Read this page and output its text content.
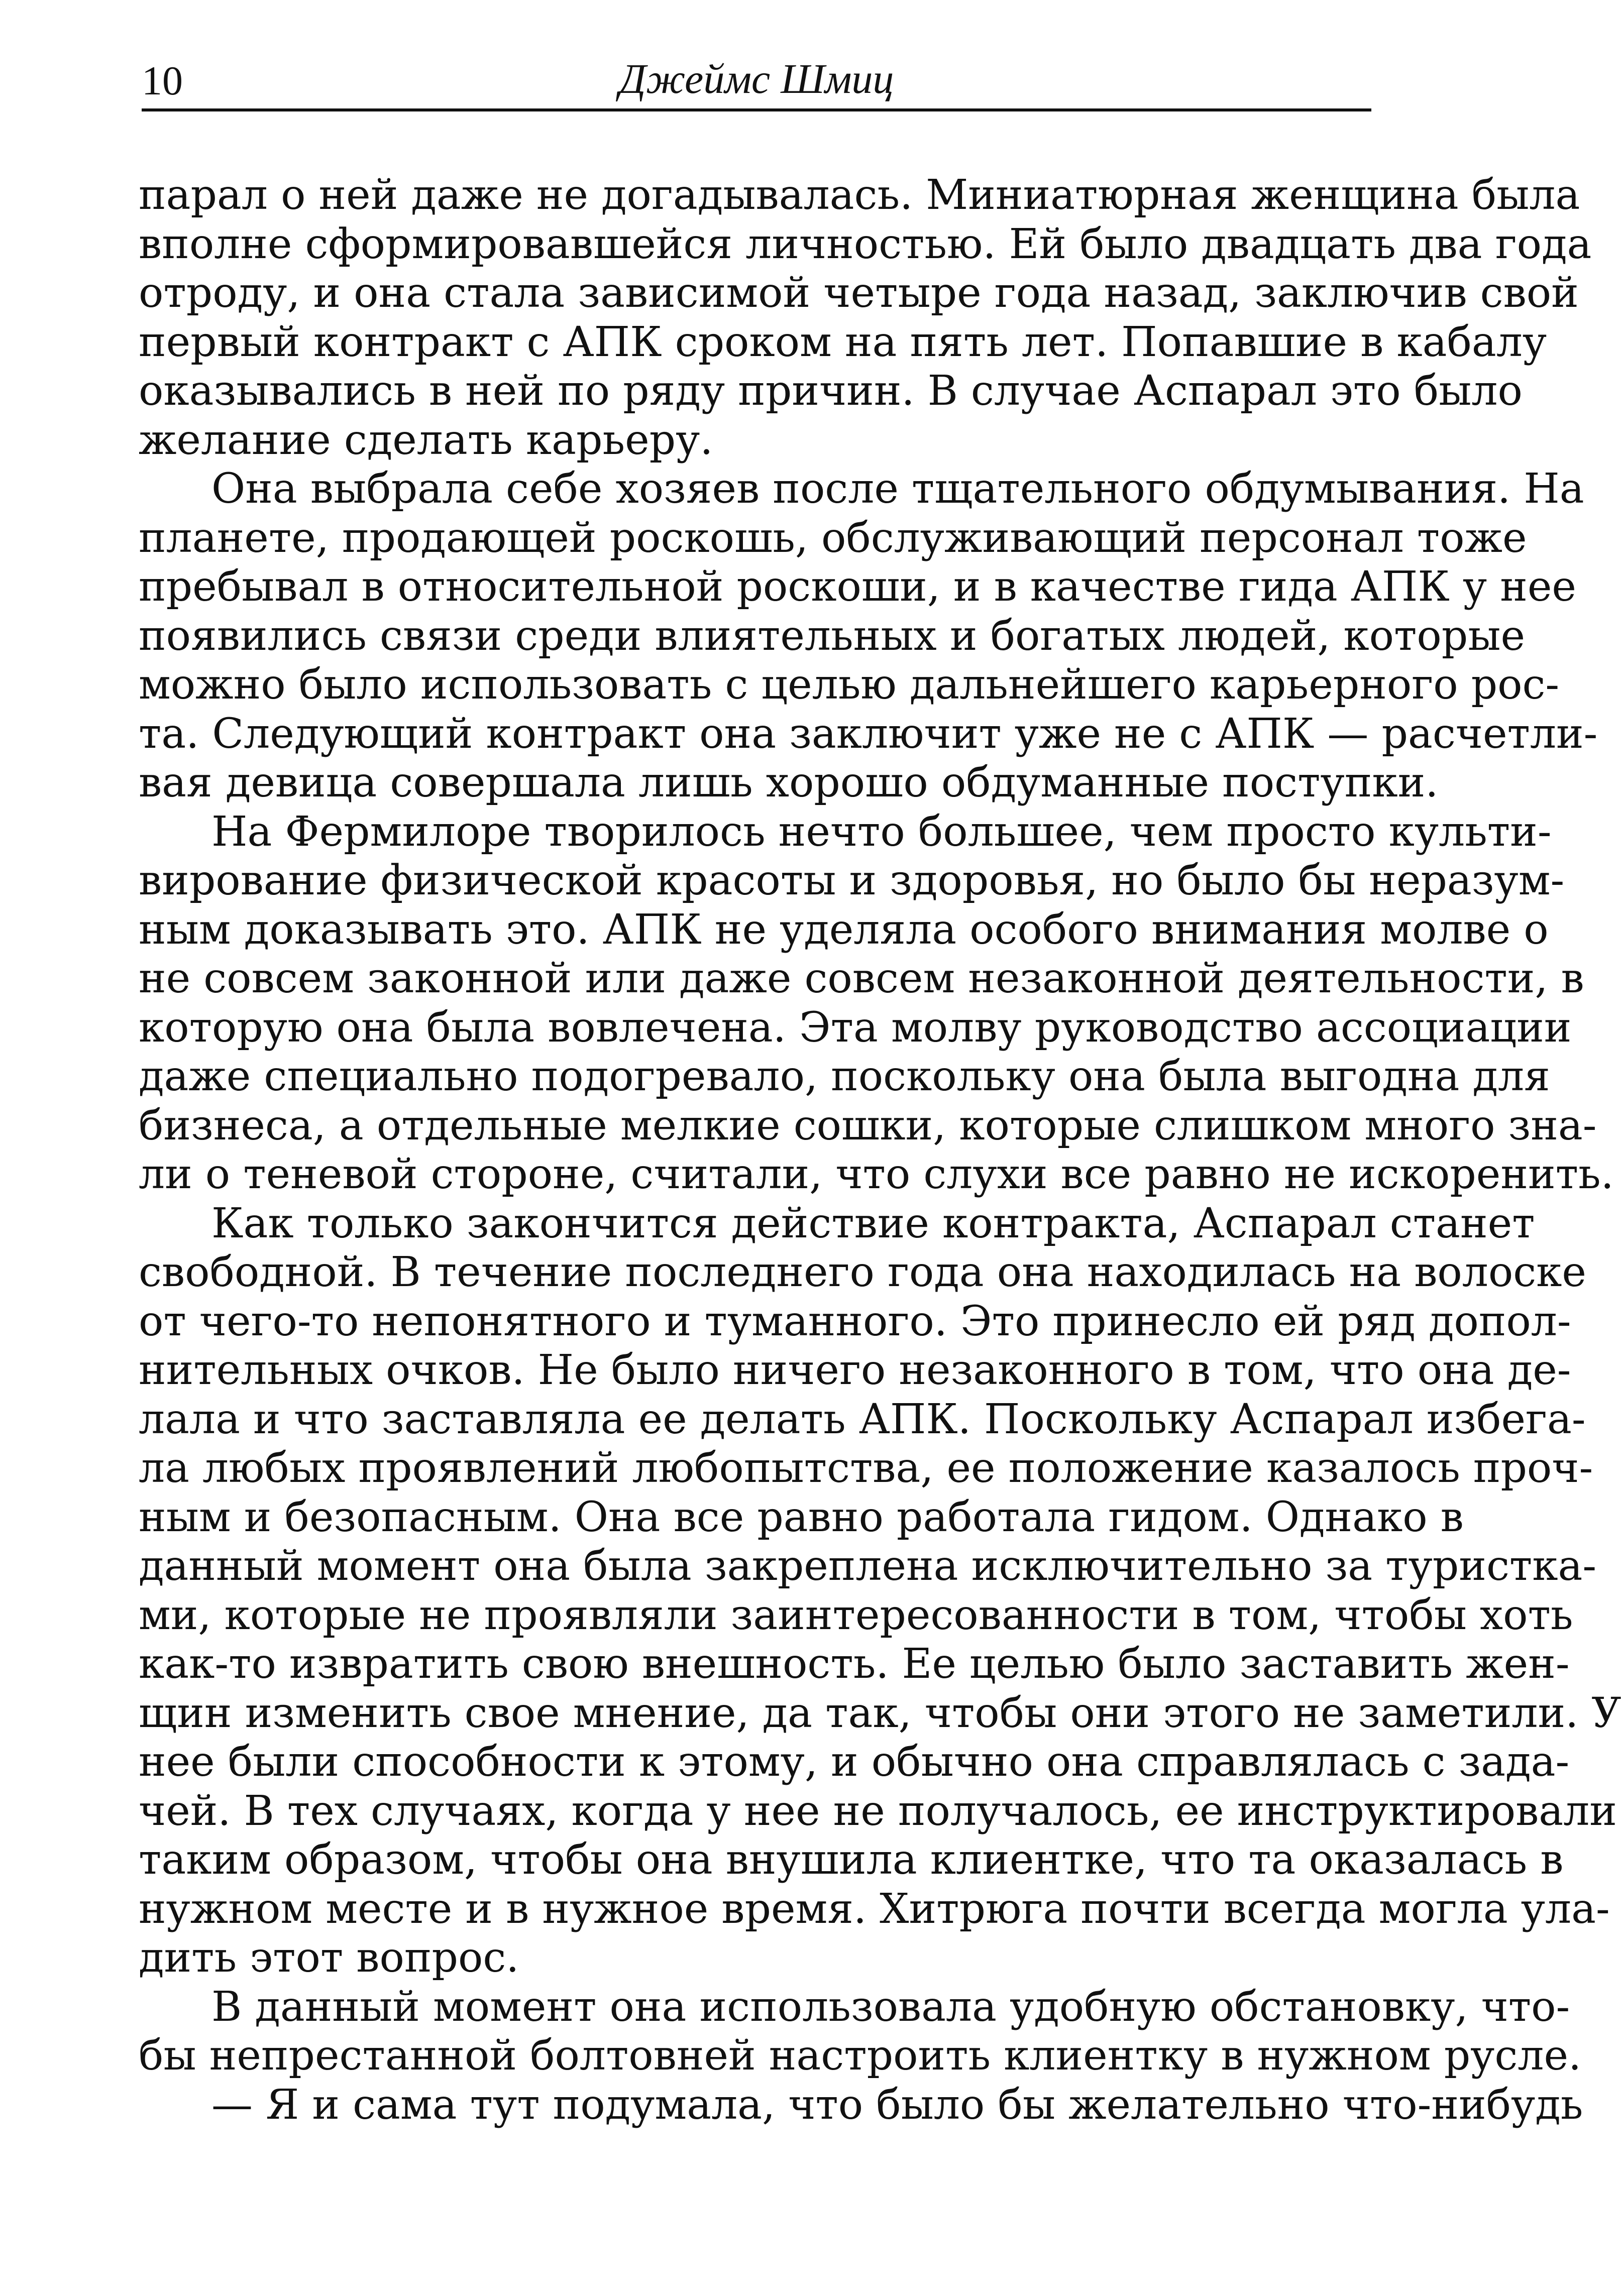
10	Джеймс Шмиц
парал о ней даже не догадывалась. Миниатюрная женщина была
вполне сформировавшейся личностью. Ей было двадцать два года
отроду, и она стала зависимой четыре года назад, заключив свой
первый контракт с АПК сроком на пять лет. Попавшие в кабалу
оказывались в ней по ряду причин. В случае Аспарал это было
желание сделать карьеру.
Она выбрала себе хозяев после тщательного обдумывания. На
планете, продающей роскошь, обслуживающий персонал тоже
пребывал в относительной роскоши, и в качестве гида АПК у нее
появились связи среди влиятельных и богатых людей, которые
можно было использовать с целью дальнейшего карьерного рос-
та. Следующий контракт она заключит уже не с АПК — расчетли-
вая девица совершала лишь хорошо обдуманные поступки.
На Фермилоре творилось нечто большее, чем просто культи-
вирование физической красоты и здоровья, но было бы неразум-
ным доказывать это. АПК не уделяла особого внимания молве о
не совсем законной или даже совсем незаконной деятельности, в
которую она была вовлечена. Эта молву руководство ассоциации
даже специально подогревало, поскольку она была выгодна для
бизнеса, а отдельные мелкие сошки, которые слишком много зна-
ли о теневой стороне, считали, что слухи все равно не искоренить.
Как только закончится действие контракта, Аспарал станет
свободной. В течение последнего года она находилась на волоске
от чего-то непонятного и туманного. Это принесло ей ряд допол-
нительных очков. Не было ничего незаконного в том, что она де-
лала и что заставляла ее делать АПК. Поскольку Аспарал избега-
ла любых проявлений любопытства, ее положение казалось проч-
ным и безопасным. Она все равно работала гидом. Однако в
данный момент она была закреплена исключительно за туристка-
ми, которые не проявляли заинтересованности в том, чтобы хоть
как-то извратить свою внешность. Ее целью было заставить жен-
щин изменить свое мнение, да так, чтобы они этого не заметили. У
нее были способности к этому, и обычно она справлялась с зада-
чей. В тех случаях, когда у нее не получалось, ее инструктировали
таким образом, чтобы она внушила клиентке, что та оказалась в
нужном месте и в нужное время. Хитрюга почти всегда могла ула-
дить этот вопрос.
В данный момент она использовала удобную обстановку, что-
бы непрестанной болтовней настроить клиентку в нужном русле.
— Я и сама тут подумала, что было бы желательно что-нибудь
